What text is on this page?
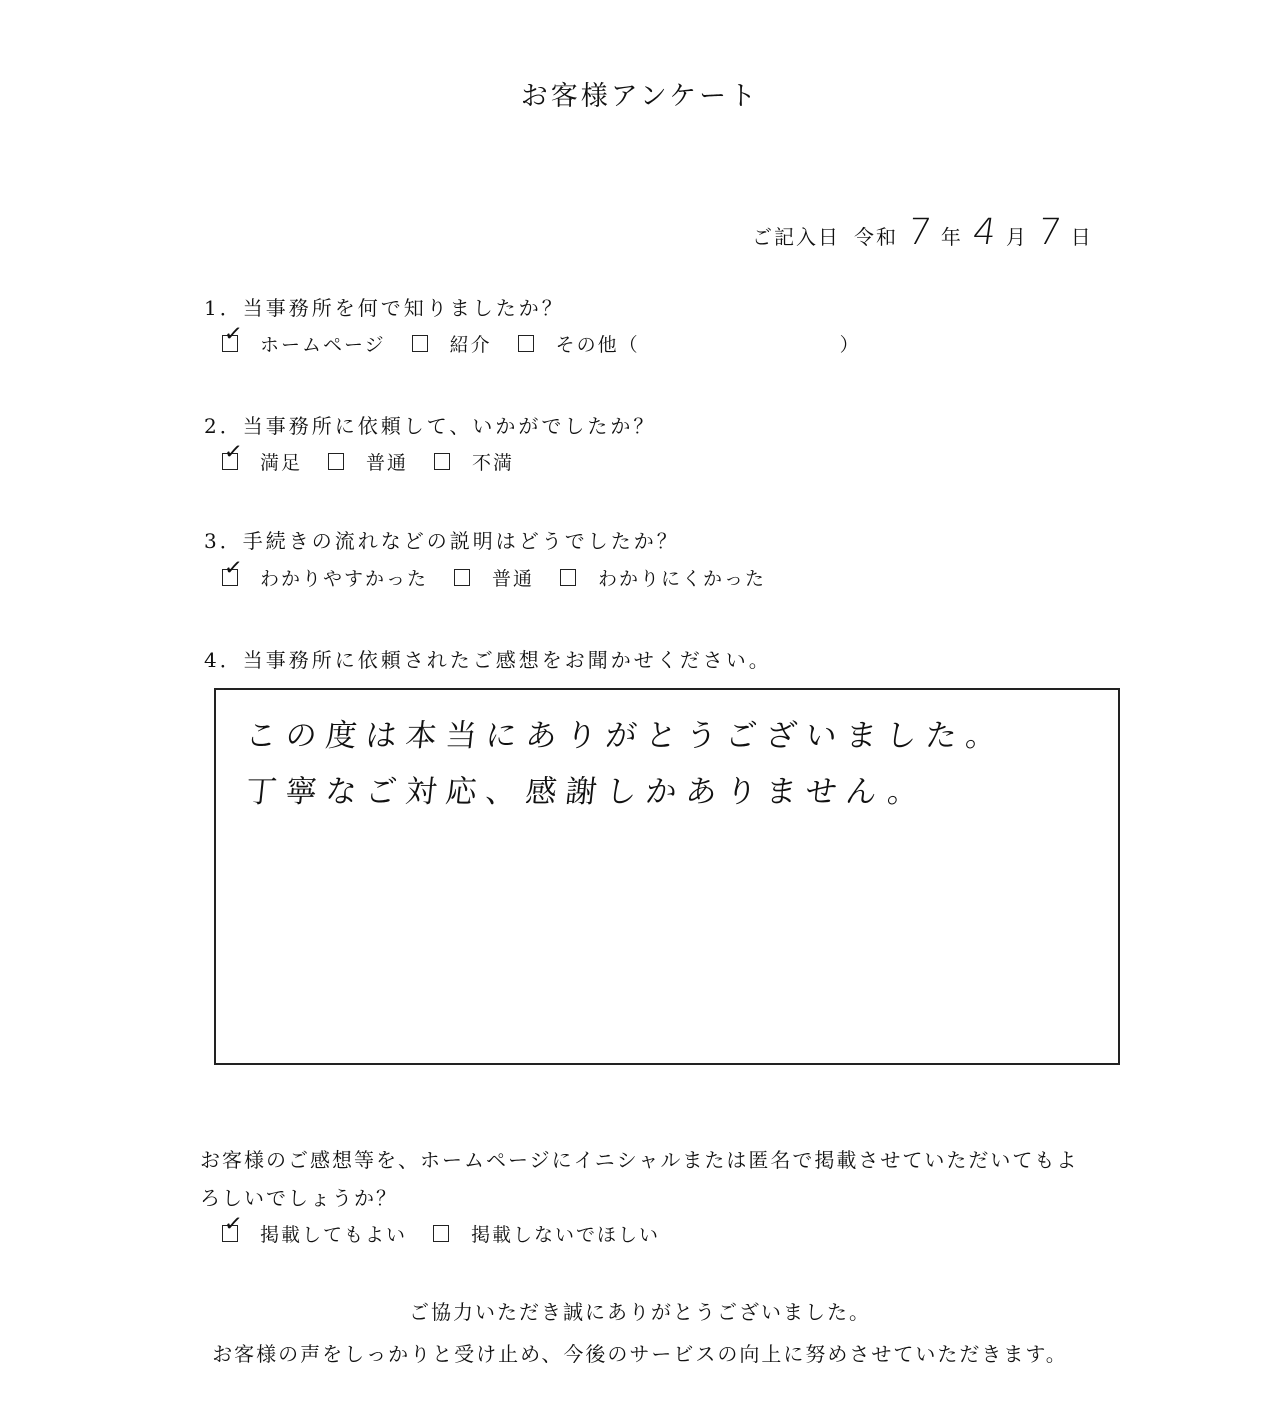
お客様アンケート
ご記入日 令和 7 年 4 月 7 日
1．当事務所を何で知りましたか？
✓ ホームページ	紹介	その他（	）
2．当事務所に依頼して、いかがでしたか？
✓ 満足	普通	不満
3．手続きの流れなどの説明はどうでしたか？
✓ わかりやすかった	普通	わかりにくかった
4．当事務所に依頼されたご感想をお聞かせください。
この度は本当にありがとうございました。
丁寧なご対応、感謝しかありません。
お客様のご感想等を、ホームページにイニシャルまたは匿名で掲載させていただいてもよ
ろしいでしょうか？
✓ 掲載してもよい	掲載しないでほしい
ご協力いただき誠にありがとうございました。
お客様の声をしっかりと受け止め、今後のサービスの向上に努めさせていただきます。
